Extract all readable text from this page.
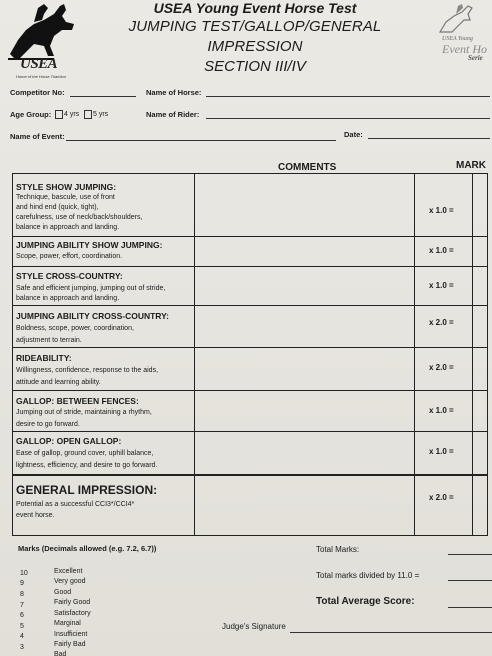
USEA
Home of the Horse Triathlon
USEA Young Event Horse Test
JUMPING TEST/GALLOP/GENERAL IMPRESSION
SECTION III/IV
USEA Young
Event Ho
Serie
Competitor No:	Name of Horse:
Age Group: 4 yrs 5 yrs	Name of Rider:
Name of Event:	Date:
COMMENTS	MARK
STYLE SHOW JUMPING:
Technique, bascule, use of front
and hind end (quick, tight),
carefulness, use of neck/back/shoulders,
balance in approach and landing.
x 1.0 =
JUMPING ABILITY SHOW JUMPING:
Scope, power, effort, coordination.
x 1.0 =
STYLE CROSS-COUNTRY:
Safe and efficient jumping, jumping out of stride,
balance in approach and landing.
x 1.0 =
JUMPING ABILITY CROSS-COUNTRY:
Boldness, scope, power, coordination,
adjustment to terrain.
x 2.0 =
RIDEABILITY:
Willingness, confidence, response to the aids,
attitude and learning ability.
x 2.0 =
GALLOP: BETWEEN FENCES:
Jumping out of stride, maintaining a rhythm,
desire to go forward.
x 1.0 =
GALLOP: OPEN GALLOP:
Ease of gallop, ground cover, uphill balance,
lightness, efficiency, and desire to go forward.
x 1.0 =
GENERAL IMPRESSION:
Potential as a successful CCI3*/CCI4*
event horse.
x 2.0 =
Marks (Decimals allowed (e.g. 7.2, 6.7))
10	Excellent
9	Very good
8	Good
7	Fairly Good
6	Satisfactory
5	Marginal
4	Insufficient
3	Fairly Bad
Bad
Total Marks:
Total marks divided by 11.0 =
Total Average Score:
Judge's Signature
